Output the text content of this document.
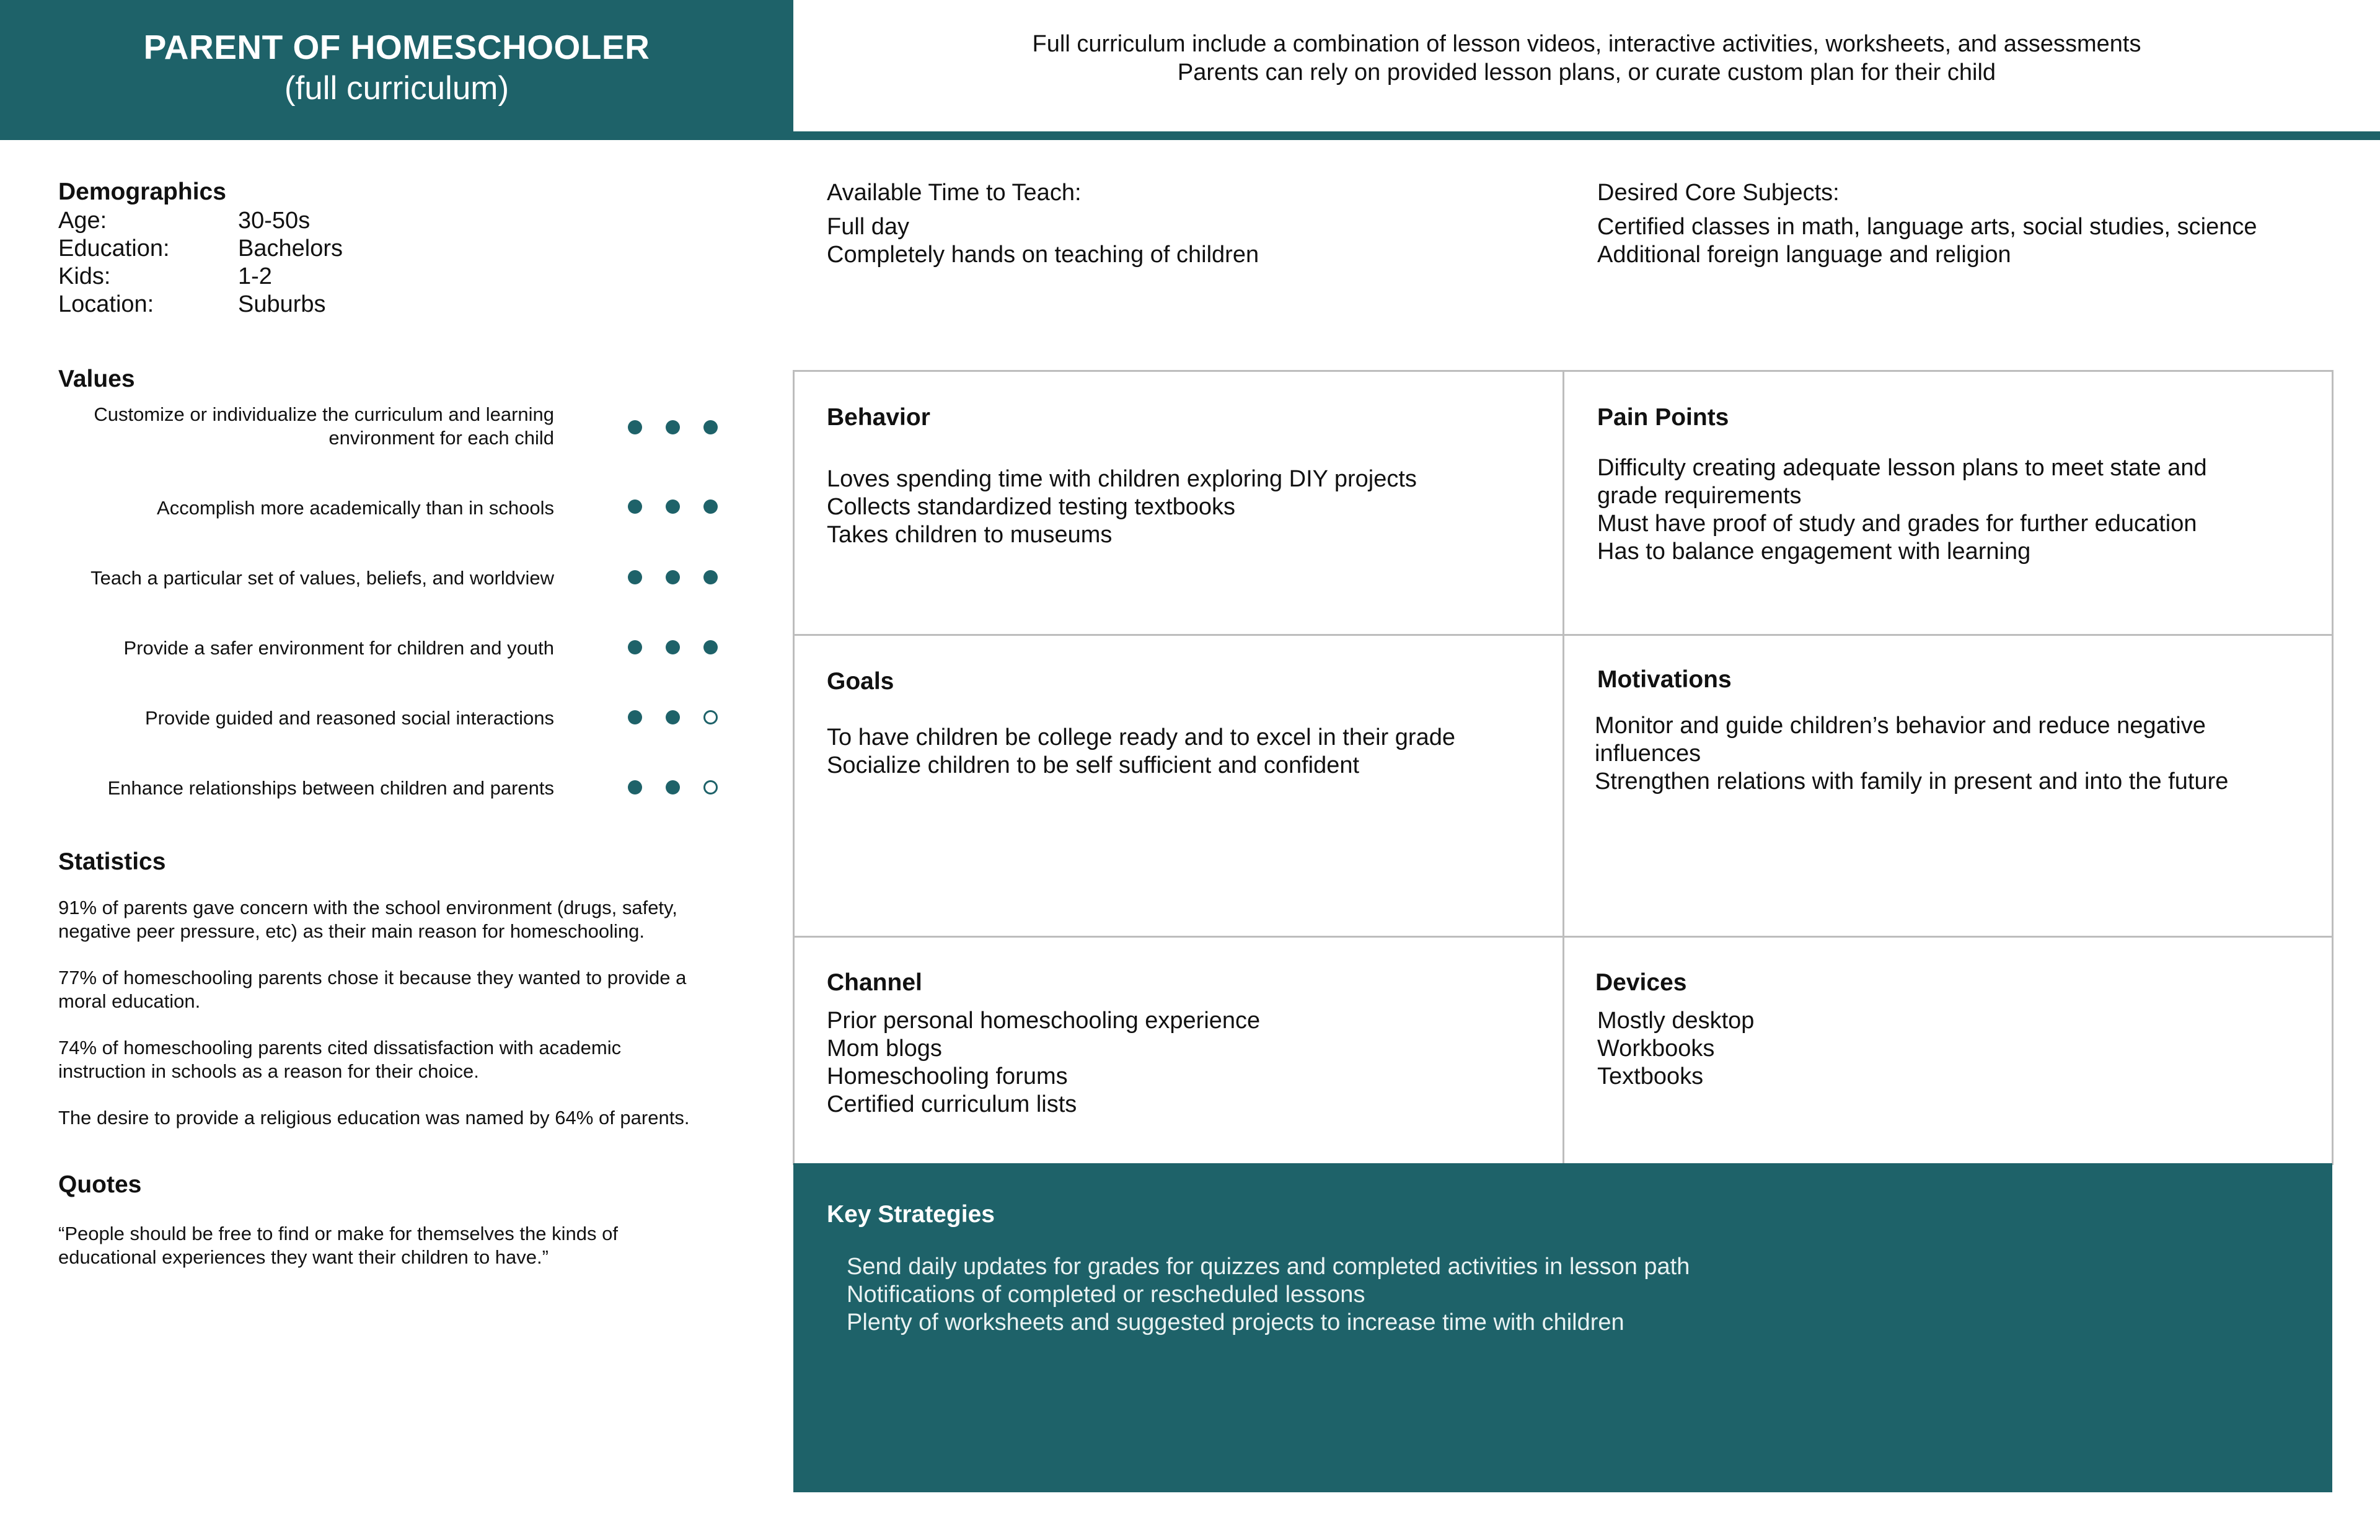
PARENT OF HOMESCHOOLER
(full curriculum)
Full curriculum include a combination of lesson videos, interactive activities, worksheets, and assessments
Parents can rely on provided lesson plans, or curate custom plan for their child
Demographics
Age:	30-50s
Education:	Bachelors
Kids:	1-2
Location:	Suburbs
Values
Customize or individualize the curriculum and learning
environment for each child
Accomplish more academically than in schools
Teach a particular set of values, beliefs, and worldview
Provide a safer environment for children and youth
Provide guided and reasoned social interactions
Enhance relationships between children and parents
Statistics
91% of parents gave concern with the school environment (drugs, safety,
negative peer pressure, etc) as their main reason for homeschooling.
77% of homeschooling parents chose it because they wanted to provide a
moral education.
74% of homeschooling parents cited dissatisfaction with academic
instruction in schools as a reason for their choice.
The desire to provide a religious education was named by 64% of parents.
Quotes
“People should be free to find or make for themselves the kinds of
educational experiences they want their children to have.”
Available Time to Teach:
Full day
Completely hands on teaching of children
Desired Core Subjects:
Certified classes in math, language arts, social studies, science
Additional foreign language and religion
Behavior
Loves spending time with children exploring DIY projects
Collects standardized testing textbooks
Takes children to museums
Pain Points
Difficulty creating adequate lesson plans to meet state and
grade requirements
Must have proof of study and grades for further education
Has to balance engagement with learning
Goals
To have children be college ready and to excel in their grade
Socialize children to be self sufficient and confident
Motivations
Monitor and guide children’s behavior and reduce negative
influences
Strengthen relations with family in present and into the future
Channel
Prior personal homeschooling experience
Mom blogs
Homeschooling forums
Certified curriculum lists
Devices
Mostly desktop
Workbooks
Textbooks
Key Strategies
Send daily updates for grades for quizzes and completed activities in lesson path
Notifications of completed or rescheduled lessons
Plenty of worksheets and suggested projects to increase time with children
